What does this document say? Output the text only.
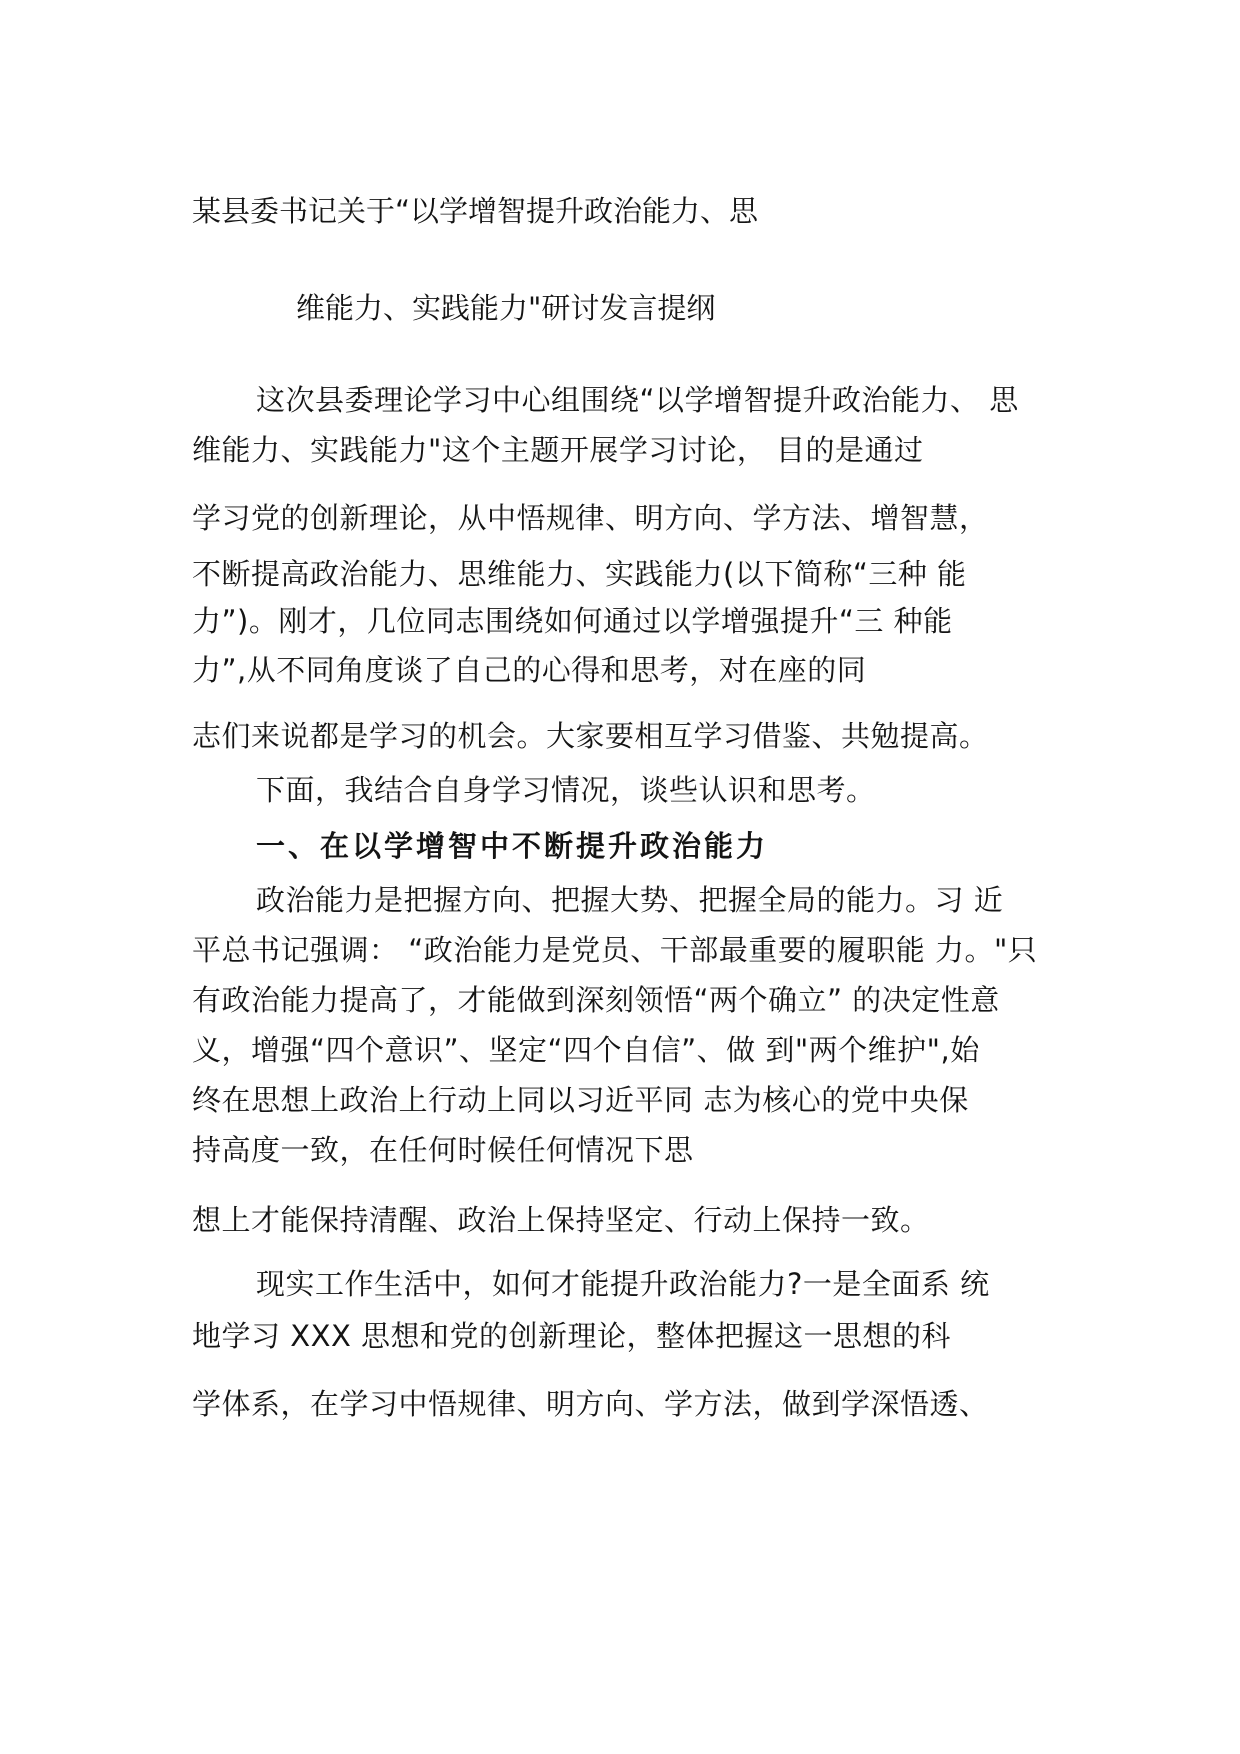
某县委书记关于“以学增智提升政治能力、思
维能力、实践能力"研讨发言提纲
这次县委理论学习中心组围绕“以学增智提升政治能力、 思
维能力、实践能力"这个主题开展学习讨论， 目的是通过
学习党的创新理论，从中悟规律、明方向、学方法、增智慧，
不断提高政治能力、思维能力、实践能力(以下简称“三种 能
力”)。刚才，几位同志围绕如何通过以学增强提升“三 种能
力”,从不同角度谈了自己的心得和思考，对在座的同
志们来说都是学习的机会。大家要相互学习借鉴、共勉提高。
下面，我结合自身学习情况，谈些认识和思考。
一、在以学增智中不断提升政治能力
政治能力是把握方向、把握大势、把握全局的能力。习 近
平总书记强调： “政治能力是党员、干部最重要的履职能 力。"只
有政治能力提高了，才能做到深刻领悟“两个确立” 的决定性意
义，增强“四个意识”、坚定“四个自信”、做 到"两个维护",始
终在思想上政治上行动上同以习近平同 志为核心的党中央保
持高度一致，在任何时候任何情况下思
想上才能保持清醒、政治上保持坚定、行动上保持一致。
现实工作生活中，如何才能提升政治能力?一是全面系 统
地学习 XXX 思想和党的创新理论，整体把握这一思想的科
学体系，在学习中悟规律、明方向、学方法，做到学深悟透、
